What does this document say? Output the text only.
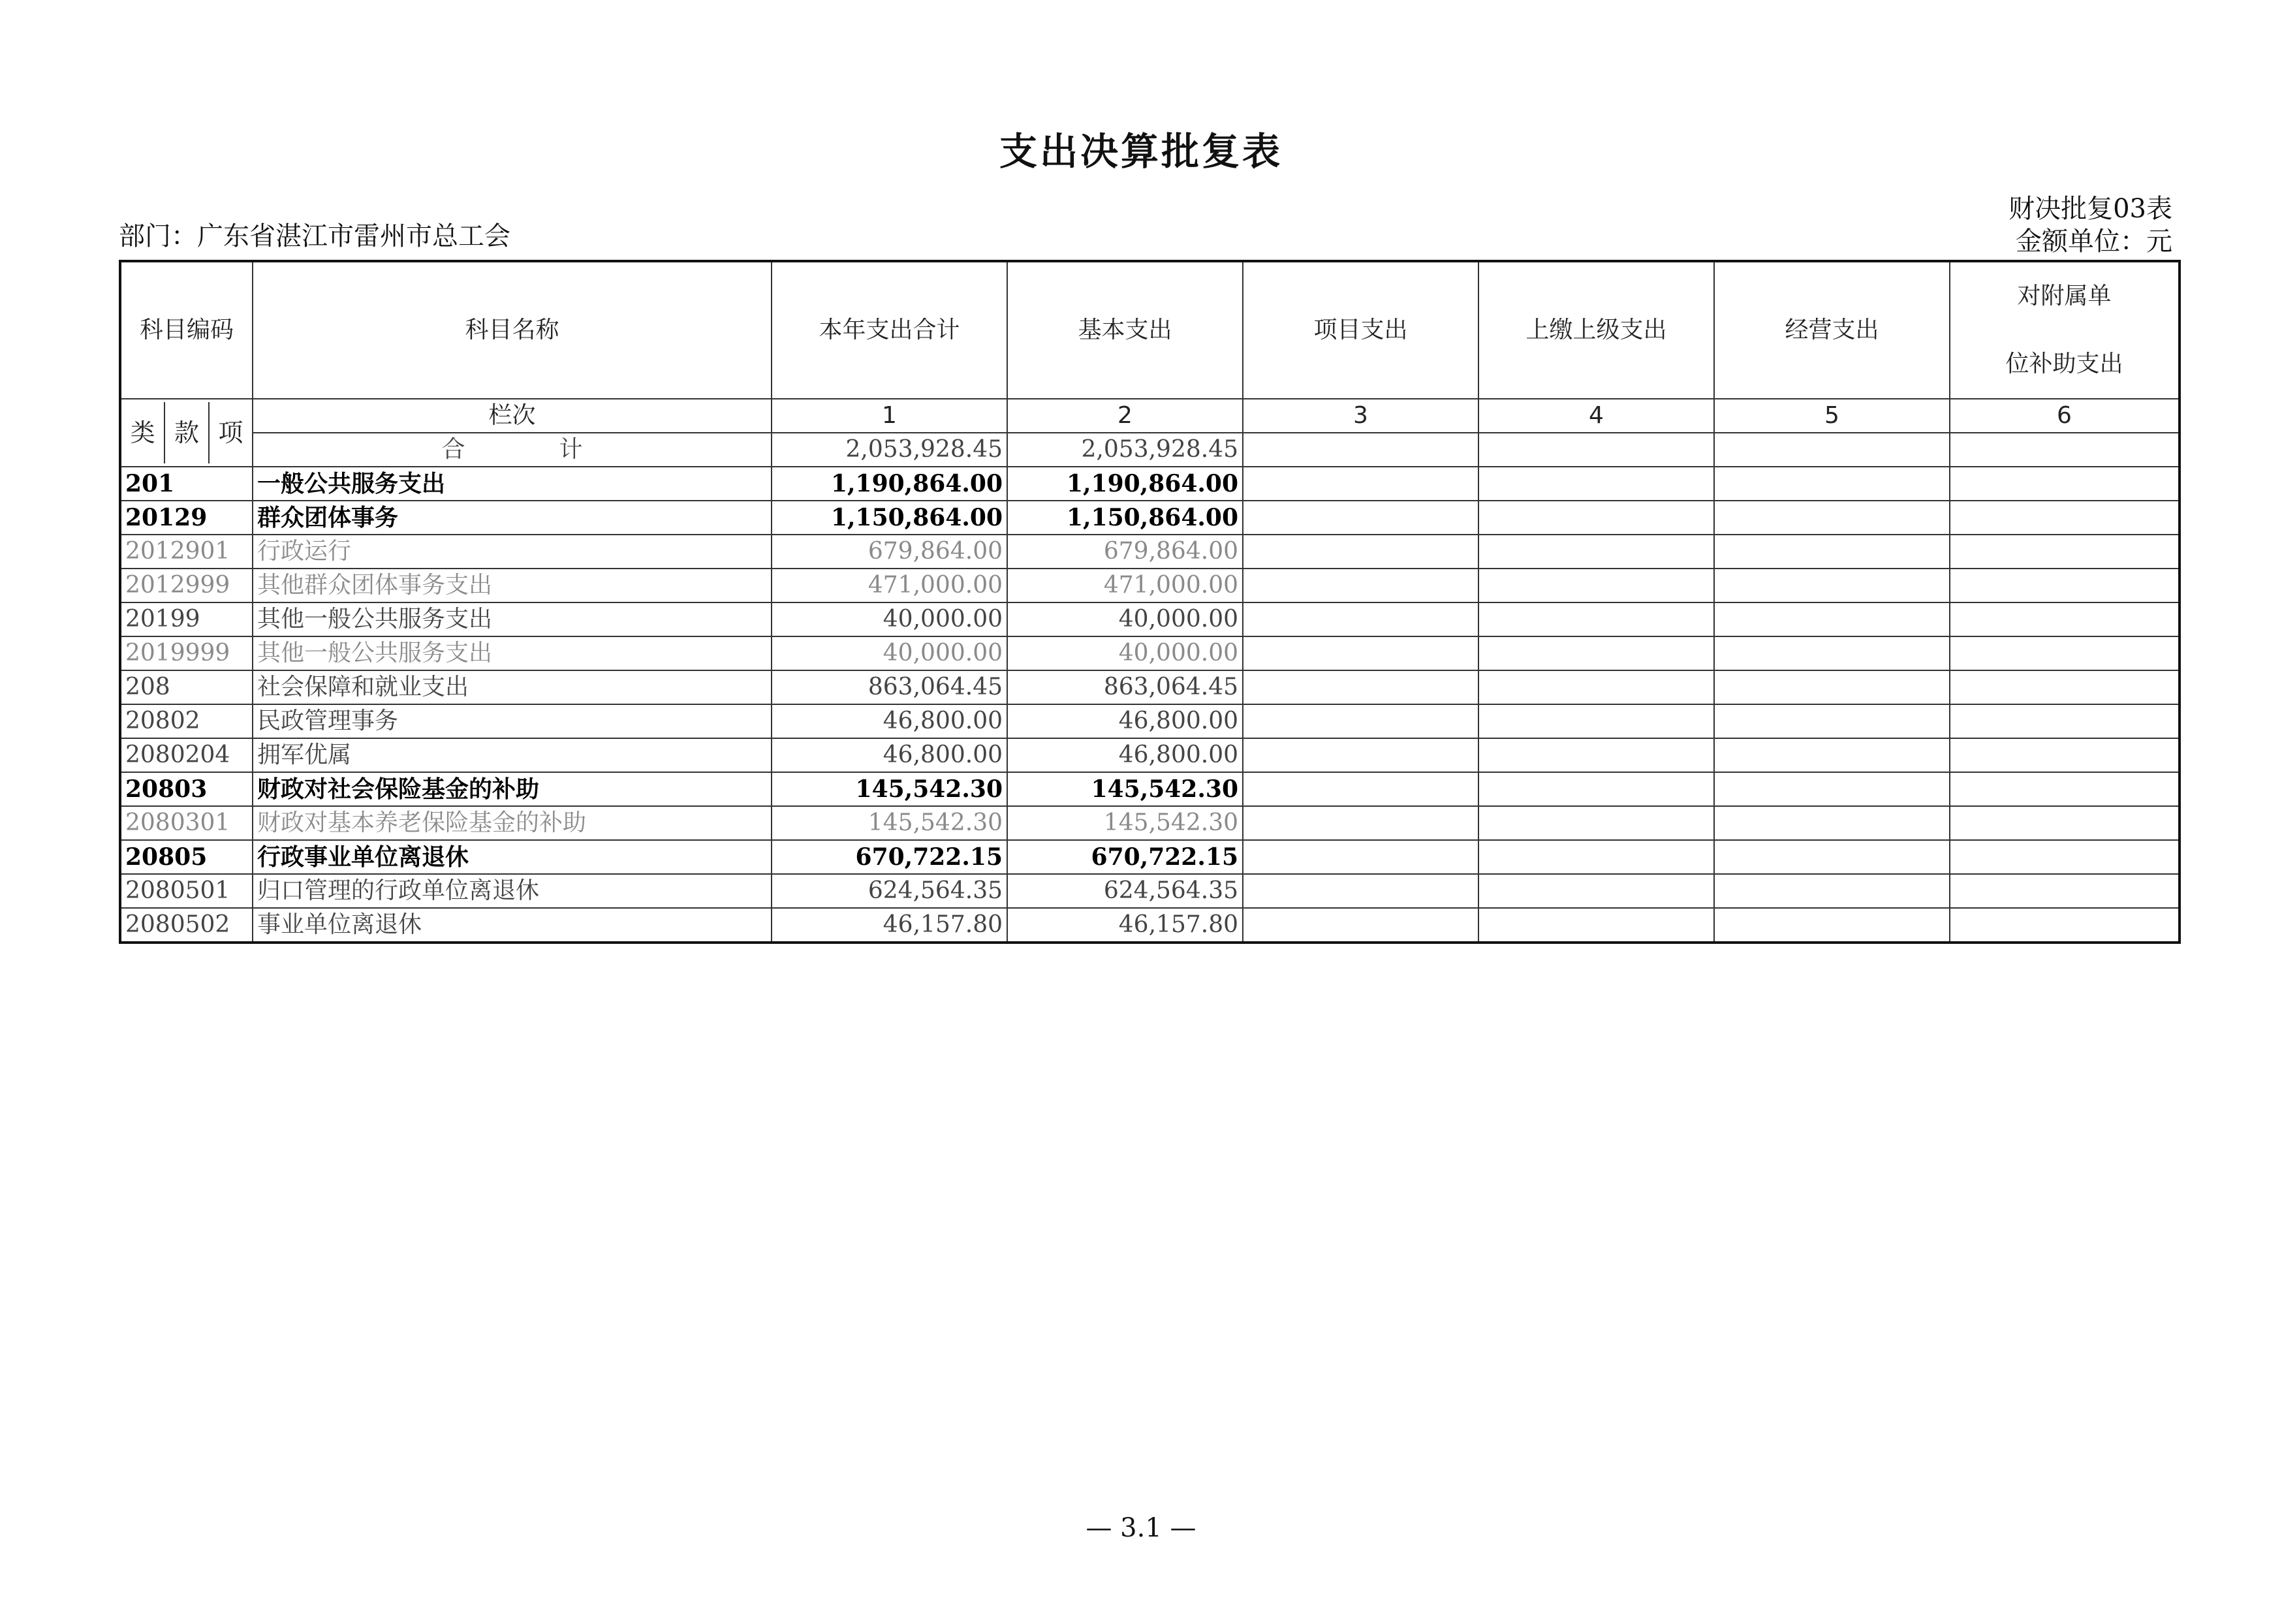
支出决算批复表
财决批复03表
部门：广东省湛江市雷州市总工会	金额单位：元
科目编码	科目名称	本年支出合计	基本支出	项目支出	上缴上级支出	经营支出	对附属单
位补助支出

类 款 项	栏次	1	2	3	4	5	6
	合　　　　计	2,053,928.45	2,053,928.45				
201	一般公共服务支出	1,190,864.00	1,190,864.00				
20129	群众团体事务	1,150,864.00	1,150,864.00				
2012901	行政运行	679,864.00	679,864.00				
2012999	其他群众团体事务支出	471,000.00	471,000.00				
20199	其他一般公共服务支出	40,000.00	40,000.00				
2019999	其他一般公共服务支出	40,000.00	40,000.00				
208	社会保障和就业支出	863,064.45	863,064.45				
20802	民政管理事务	46,800.00	46,800.00				
2080204	拥军优属	46,800.00	46,800.00				
20803	财政对社会保险基金的补助	145,542.30	145,542.30				
2080301	财政对基本养老保险基金的补助	145,542.30	145,542.30				
20805	行政事业单位离退休	670,722.15	670,722.15				
2080501	归口管理的行政单位离退休	624,564.35	624,564.35				
2080502	事业单位离退休	46,157.80	46,157.80				
— 3.1 —
